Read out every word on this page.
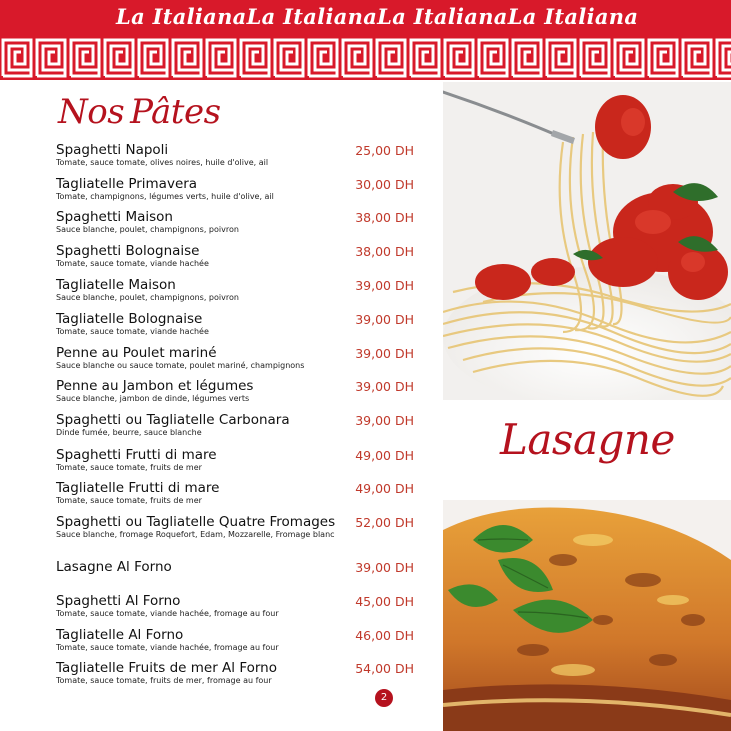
La Italiana La Italiana La Italiana La Italiana
Nos Pâtes
Spaghetti Napoli
Tomate, sauce tomate, olives noires, huile d'olive, ail
25,00 DH
Tagliatelle Primavera
Tomate, champignons, légumes verts, huile d'olive, ail
30,00 DH
Spaghetti Maison
Sauce blanche, poulet, champignons, poivron
38,00 DH
Spaghetti Bolognaise
Tomate, sauce tomate, viande hachée
38,00 DH
Tagliatelle Maison
Sauce blanche, poulet, champignons, poivron
39,00 DH
Tagliatelle Bolognaise
Tomate, sauce tomate, viande hachée
39,00 DH
Penne au Poulet mariné
Sauce blanche ou sauce tomate, poulet mariné, champignons
39,00 DH
Penne au Jambon et légumes
Sauce blanche, jambon de dinde, légumes verts
39,00 DH
Spaghetti ou Tagliatelle Carbonara
Dinde fumée, beurre, sauce blanche
39,00 DH
Spaghetti Frutti di mare
Tomate, sauce tomate, fruits de mer
49,00 DH
Tagliatelle Frutti di mare
Tomate, sauce tomate, fruits de mer
49,00 DH
Spaghetti ou Tagliatelle Quatre Fromages
Sauce blanche, fromage Roquefort, Edam, Mozzarelle, Fromage blanc
52,00 DH
Lasagne Al Forno	39,00 DH
Spaghetti Al Forno
Tomate, sauce tomate, viande hachée, fromage au four
45,00 DH
Tagliatelle Al Forno
Tomate, sauce tomate, viande hachée, fromage au four
46,00 DH
Tagliatelle Fruits de mer Al Forno
Tomate, sauce tomate, fruits de mer, fromage au four
54,00 DH
2
Lasagne
